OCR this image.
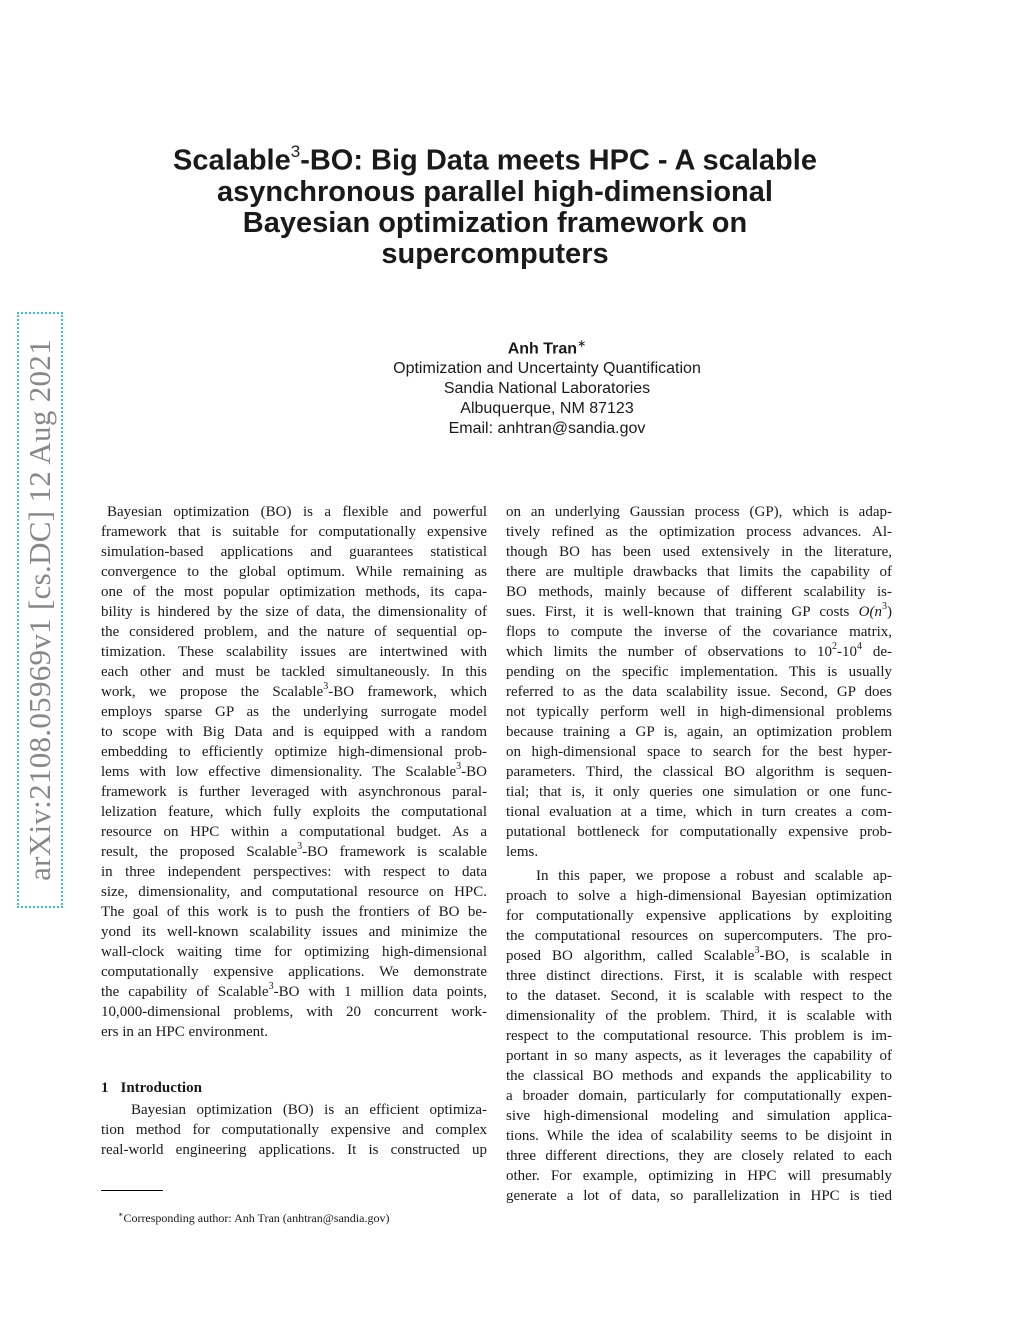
Scalable$^3$-BO: Big Data meets HPC - A scalable
asynchronous parallel high-dimensional
Bayesian optimization framework on
supercomputers
Anh Tran∗
Optimization and Uncertainty Quantification
Sandia National Laboratories
Albuquerque, NM 87123
Email: anhtran@sandia.gov
arXiv:2108.05969v1 [cs.DC] 12 Aug 2021	Bayesian optimization (BO) is a flexible and powerful
framework that is suitable for computationally expensive
simulation-based applications and guarantees statistical
convergence to the global optimum. While remaining as
one of the most popular optimization methods, its capa-
bility is hindered by the size of data, the dimensionality of
the considered problem, and the nature of sequential op-
timization. These scalability issues are intertwined with
each other and must be tackled simultaneously. In this
work, we propose the Scalable$^3$-BO framework, which
employs sparse GP as the underlying surrogate model
to scope with Big Data and is equipped with a random
embedding to efficiently optimize high-dimensional prob-
lems with low effective dimensionality. The Scalable$^3$-BO
framework is further leveraged with asynchronous paral-
lelization feature, which fully exploits the computational
resource on HPC within a computational budget. As a
result, the proposed Scalable$^3$-BO framework is scalable
in three independent perspectives: with respect to data
size, dimensionality, and computational resource on HPC.
The goal of this work is to push the frontiers of BO be-
yond its well-known scalability issues and minimize the
wall-clock waiting time for optimizing high-dimensional
computationally expensive applications. We demonstrate
the capability of Scalable$^3$-BO with 1 million data points,
10,000-dimensional problems, with 20 concurrent work-
ers in an HPC environment.
1 Introduction
Bayesian optimization (BO) is an efficient optimiza-
tion method for computationally expensive and complex
real-world engineering applications. It is constructed up
∗Corresponding author: Anh Tran (anhtran@sandia.gov)
on an underlying Gaussian process (GP), which is adap-
tively refined as the optimization process advances. Al-
though BO has been used extensively in the literature,
there are multiple drawbacks that limits the capability of
BO methods, mainly because of different scalability is-
sues. First, it is well-known that training GP costs $O(n^3)$
flops to compute the inverse of the covariance matrix,
which limits the number of observations to $10^2-10^4$ de-
pending on the specific implementation. This is usually
referred to as the data scalability issue. Second, GP does
not typically perform well in high-dimensional problems
because training a GP is, again, an optimization problem
on high-dimensional space to search for the best hyper-
parameters. Third, the classical BO algorithm is sequen-
tial; that is, it only queries one simulation or one func-
tional evaluation at a time, which in turn creates a com-
putational bottleneck for computationally expensive prob-
lems.
In this paper, we propose a robust and scalable ap-
proach to solve a high-dimensional Bayesian optimization
for computationally expensive applications by exploiting
the computational resources on supercomputers. The pro-
posed BO algorithm, called Scalable$^3$-BO, is scalable in
three distinct directions. First, it is scalable with respect
to the dataset. Second, it is scalable with respect to the
dimensionality of the problem. Third, it is scalable with
respect to the computational resource. This problem is im-
portant in so many aspects, as it leverages the capability of
the classical BO methods and expands the applicability to
a broader domain, particularly for computationally expen-
sive high-dimensional modeling and simulation applica-
tions. While the idea of scalability seems to be disjoint in
three different directions, they are closely related to each
other. For example, optimizing in HPC will presumably
generate a lot of data, so parallelization in HPC is tied
